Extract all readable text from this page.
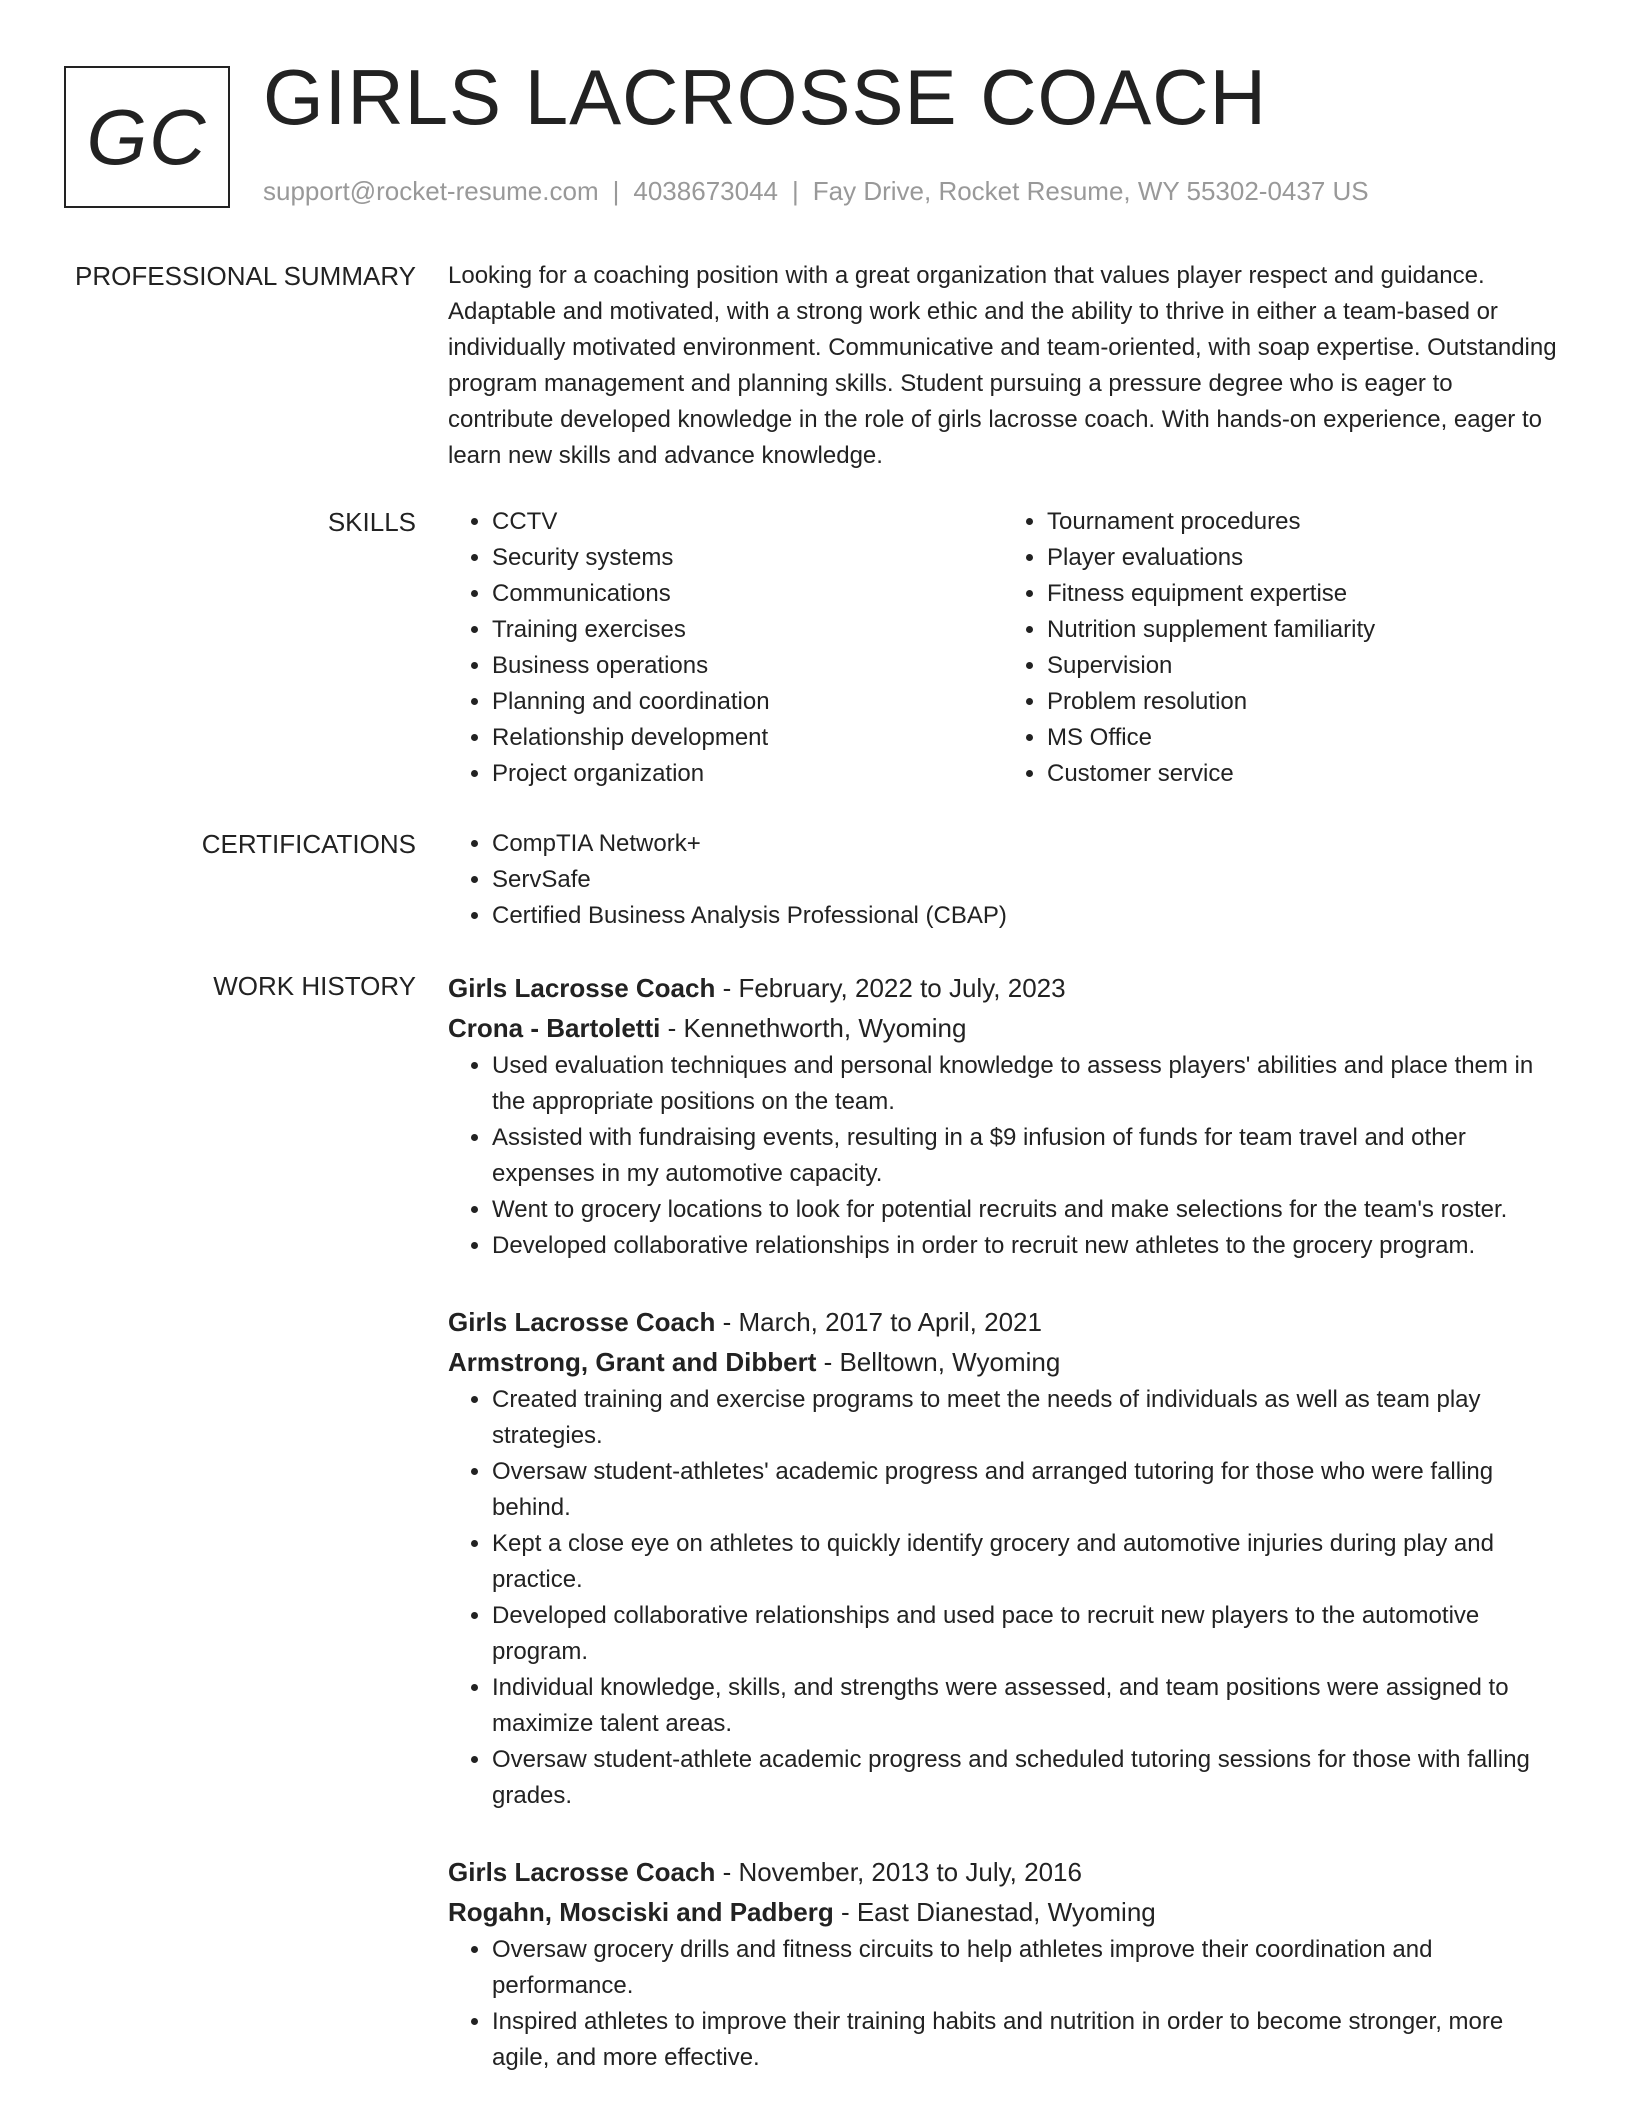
GC GIRLS LACROSSE COACH
support@rocket-resume.com | 4038673044 | Fay Drive, Rocket Resume, WY 55302-0437 US
PROFESSIONAL SUMMARY Looking for a coaching position with a great organization that values player respect and guidance. Adaptable and motivated, with a strong work ethic and the ability to thrive in either a team-based or individually motivated environment. Communicative and team-oriented, with soap expertise. Outstanding program management and planning skills. Student pursuing a pressure degree who is eager to contribute developed knowledge in the role of girls lacrosse coach. With hands-on experience, eager to learn new skills and advance knowledge.

SKILLS	• CCTV
• Security systems
• Communications
• Training exercises
• Business operations
• Planning and coordination
• Relationship development
• Project organization
• Tournament procedures
• Player evaluations
• Fitness equipment expertise
• Nutrition supplement familiarity
• Supervision
• Problem resolution
• MS Office
• Customer service
CERTIFICATIONS	• CompTIA Network+
• ServSafe
• Certified Business Analysis Professional (CBAP)
WORK HISTORY Girls Lacrosse Coach - February, 2022 to July, 2023
Crona - Bartoletti - Kennethworth, Wyoming
• Used evaluation techniques and personal knowledge to assess players' abilities and place them in the appropriate positions on the team.
• Assisted with fundraising events, resulting in a $9 infusion of funds for team travel and other expenses in my automotive capacity.
• Went to grocery locations to look for potential recruits and make selections for the team's roster.
• Developed collaborative relationships in order to recruit new athletes to the grocery program.
Girls Lacrosse Coach - March, 2017 to April, 2021
Armstrong, Grant and Dibbert - Belltown, Wyoming
• Created training and exercise programs to meet the needs of individuals as well as team play strategies.
• Oversaw student-athletes' academic progress and arranged tutoring for those who were falling behind.
• Kept a close eye on athletes to quickly identify grocery and automotive injuries during play and practice.
• Developed collaborative relationships and used pace to recruit new players to the automotive program.
• Individual knowledge, skills, and strengths were assessed, and team positions were assigned to maximize talent areas.
• Oversaw student-athlete academic progress and scheduled tutoring sessions for those with falling grades.
Girls Lacrosse Coach - November, 2013 to July, 2016
Rogahn, Mosciski and Padberg - East Dianestad, Wyoming
• Oversaw grocery drills and fitness circuits to help athletes improve their coordination and performance.
• Inspired athletes to improve their training habits and nutrition in order to become stronger, more agile, and more effective.
